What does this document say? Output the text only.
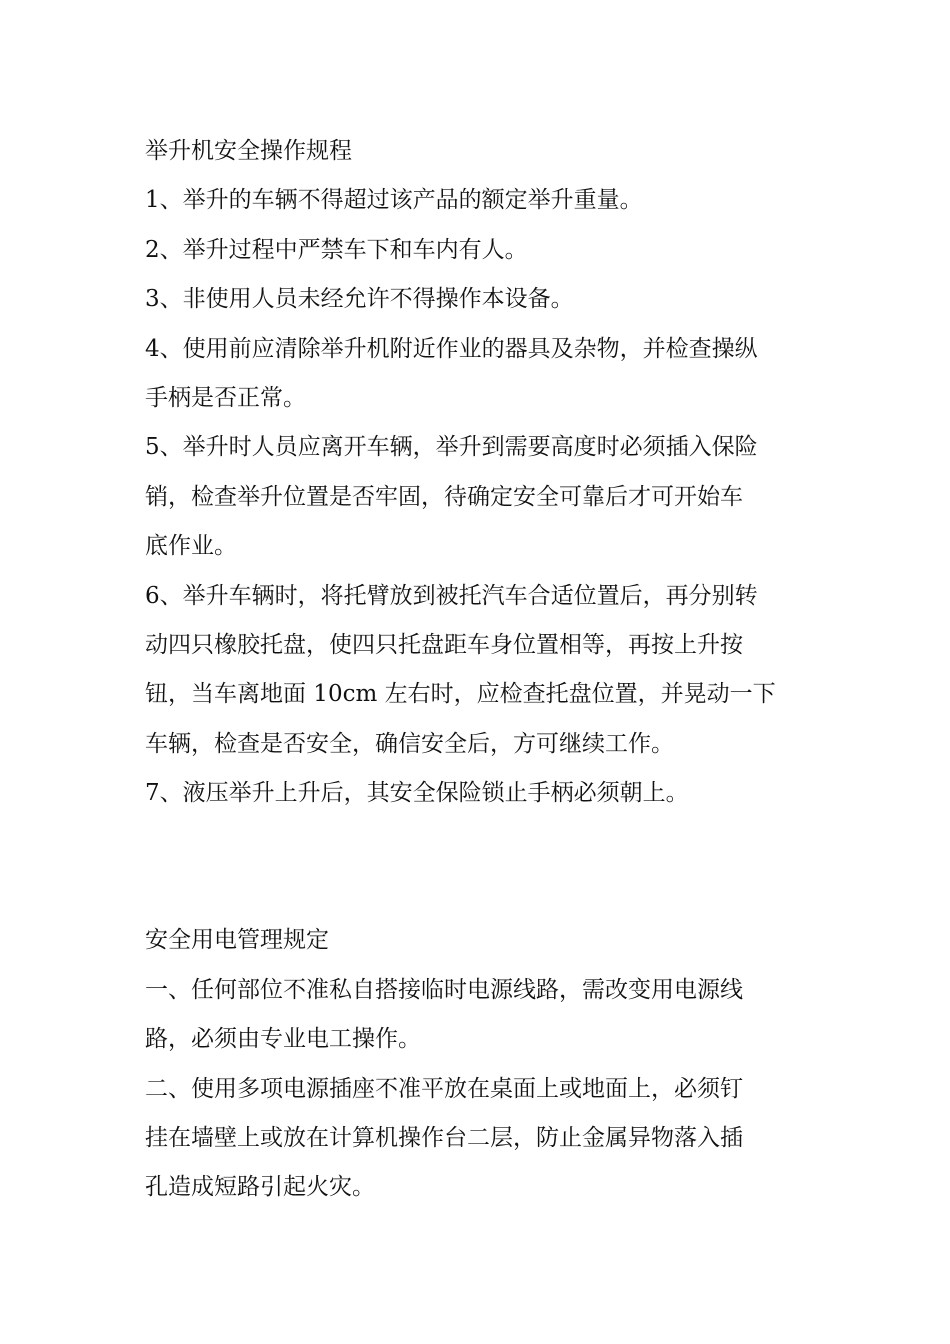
举升机安全操作规程
1、举升的车辆不得超过该产品的额定举升重量。
2、举升过程中严禁车下和车内有人。
3、非使用人员未经允许不得操作本设备。
4、使用前应清除举升机附近作业的器具及杂物，并检查操纵
手柄是否正常。
5、举升时人员应离开车辆，举升到需要高度时必须插入保险
销，检查举升位置是否牢固，待确定安全可靠后才可开始车
底作业。
6、举升车辆时，将托臂放到被托汽车合适位置后，再分别转
动四只橡胶托盘，使四只托盘距车身位置相等，再按上升按
钮，当车离地面 10cm 左右时，应检查托盘位置，并晃动一下
车辆，检查是否安全，确信安全后，方可继续工作。
7、液压举升上升后，其安全保险锁止手柄必须朝上。
安全用电管理规定
一、任何部位不准私自搭接临时电源线路，需改变用电源线
路，必须由专业电工操作。
二、使用多项电源插座不准平放在桌面上或地面上，必须钉
挂在墙壁上或放在计算机操作台二层，防止金属异物落入插
孔造成短路引起火灾。
